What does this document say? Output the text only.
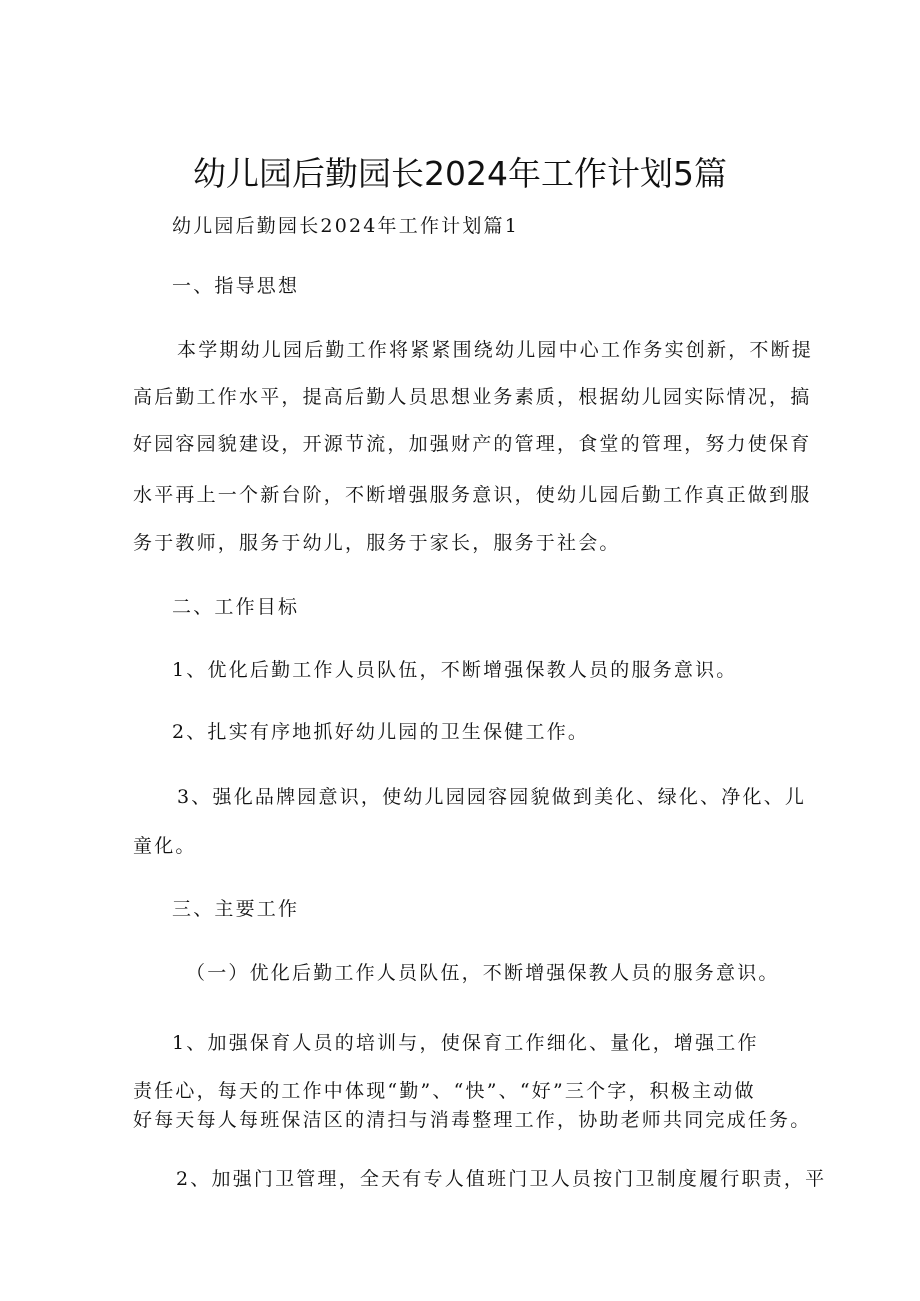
幼儿园后勤园长2024年工作计划5篇
幼儿园后勤园长2024年工作计划篇1
一、指导思想
本学期幼儿园后勤工作将紧紧围绕幼儿园中心工作务实创新，不断提
高后勤工作水平，提高后勤人员思想业务素质，根据幼儿园实际情况，搞
好园容园貌建设，开源节流，加强财产的管理，食堂的管理，努力使保育
水平再上一个新台阶，不断增强服务意识，使幼儿园后勤工作真正做到服
务于教师，服务于幼儿，服务于家长，服务于社会。
二、工作目标
1、优化后勤工作人员队伍，不断增强保教人员的服务意识。
2、扎实有序地抓好幼儿园的卫生保健工作。
3、强化品牌园意识，使幼儿园园容园貌做到美化、绿化、净化、儿
童化。
三、主要工作
（一）优化后勤工作人员队伍，不断增强保教人员的服务意识。
1、加强保育人员的培训与，使保育工作细化、量化，增强工作
责任心，每天的工作中体现“勤”、“快”、“好”三个字，积极主动做
好每天每人每班保洁区的清扫与消毒整理工作，协助老师共同完成任务。
2、加强门卫管理，全天有专人值班门卫人员按门卫制度履行职责，平
